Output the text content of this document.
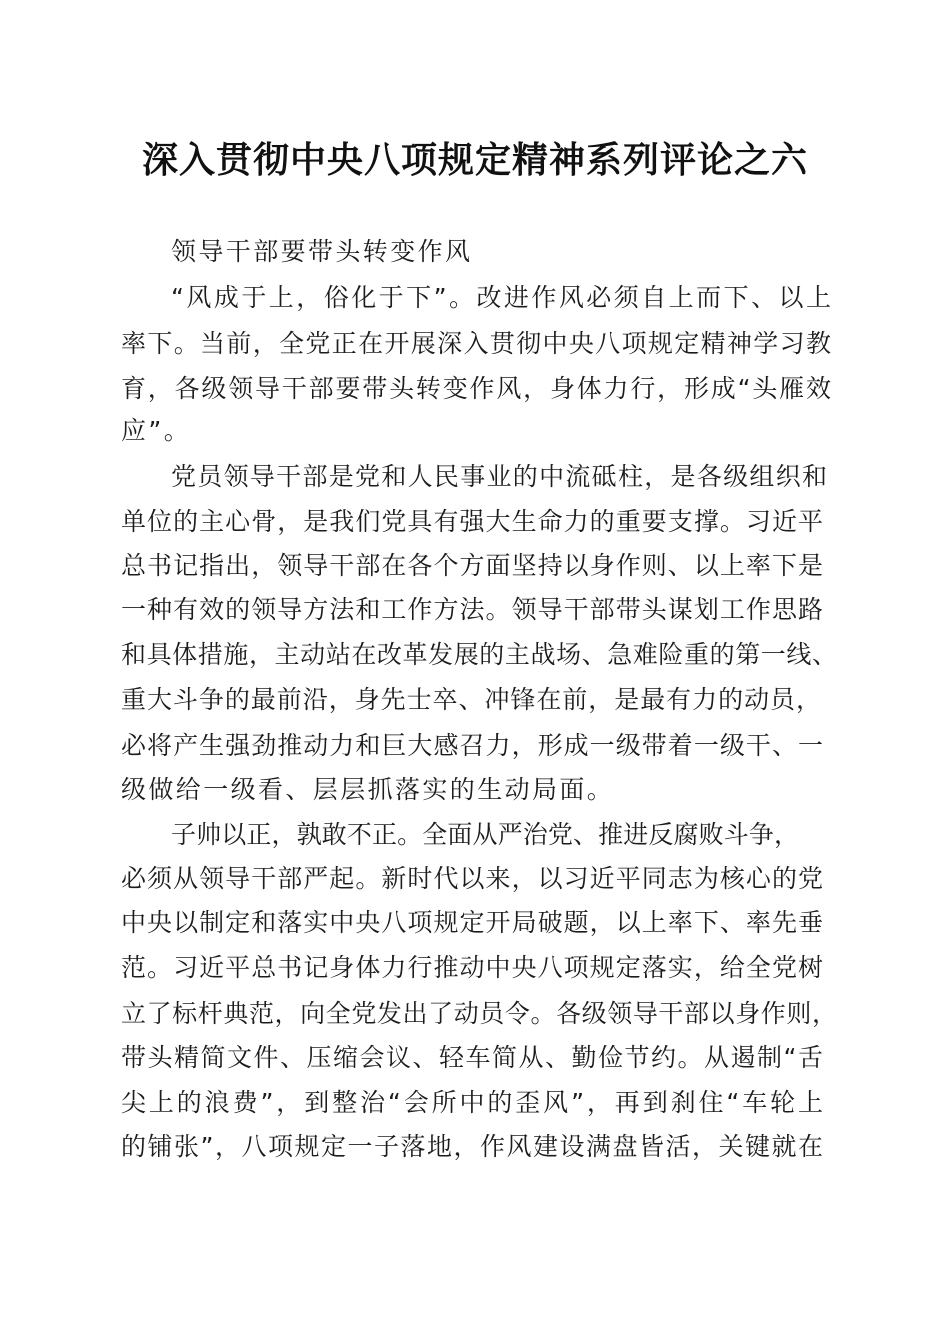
深入贯彻中央八项规定精神系列评论之六
领导干部要带头转变作风
“风成于上，俗化于下”。改进作风必须自上而下、以上
率下。当前，全党正在开展深入贯彻中央八项规定精神学习教
育，各级领导干部要带头转变作风，身体力行，形成“头雁效
应”。
党员领导干部是党和人民事业的中流砥柱，是各级组织和
单位的主心骨，是我们党具有强大生命力的重要支撑。习近平
总书记指出，领导干部在各个方面坚持以身作则、以上率下是
一种有效的领导方法和工作方法。领导干部带头谋划工作思路
和具体措施，主动站在改革发展的主战场、急难险重的第一线、
重大斗争的最前沿，身先士卒、冲锋在前，是最有力的动员，
必将产生强劲推动力和巨大感召力，形成一级带着一级干、一
级做给一级看、层层抓落实的生动局面。
子帅以正，孰敢不正。全面从严治党、推进反腐败斗争，
必须从领导干部严起。新时代以来，以习近平同志为核心的党
中央以制定和落实中央八项规定开局破题，以上率下、率先垂
范。习近平总书记身体力行推动中央八项规定落实，给全党树
立了标杆典范，向全党发出了动员令。各级领导干部以身作则，
带头精简文件、压缩会议、轻车简从、勤俭节约。从遏制“舌
尖上的浪费”，到整治“会所中的歪风”，再到刹住“车轮上
的铺张”，八项规定一子落地，作风建设满盘皆活，关键就在
